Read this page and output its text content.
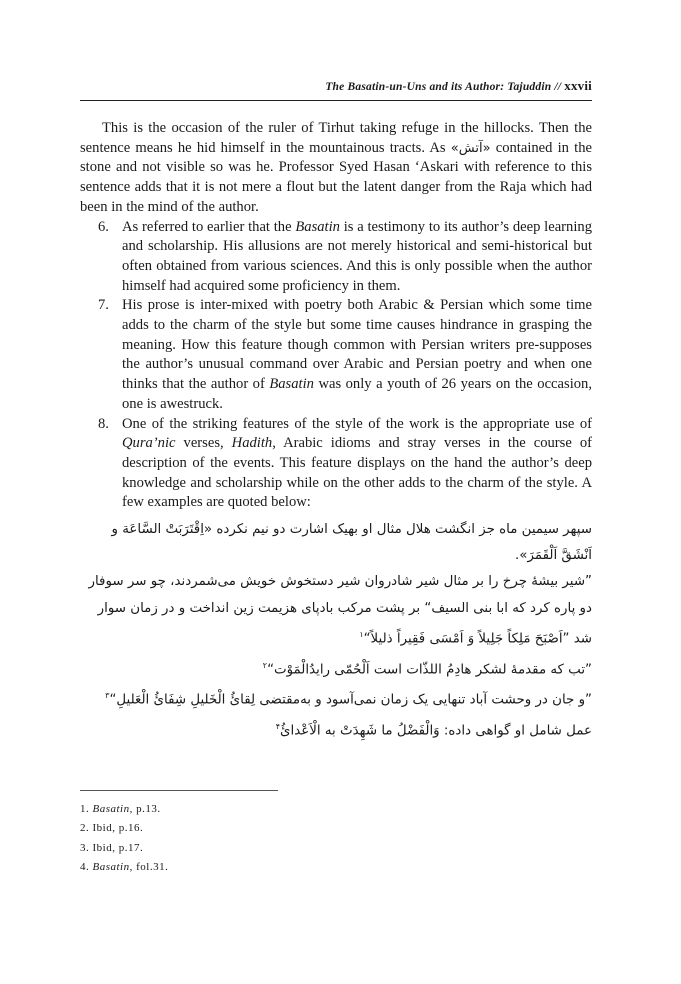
The Basatin-un-Uns and its Author: Tajuddin // xxvii

This is the occasion of the ruler of Tirhut taking refuge in the hillocks. Then the sentence means he hid himself in the mountainous tracts. As «آتش» contained in the stone and not visible so was he. Professor Syed Hasan ‘Askari with reference to this sentence adds that it is not mere a flout but the latent danger from the Raja which had been in the mind of the author.

6. As referred to earlier that the Basatin is a testimony to its author’s deep learning and scholarship. His allusions are not merely historical and semi-historical but often obtained from various sciences. And this is only possible when the author himself had acquired some proficiency in them.
7. His prose is inter-mixed with poetry both Arabic & Persian which some time adds to the charm of the style but some time causes hindrance in grasping the meaning. How this feature though common with Persian writers pre-supposes the author’s unusual command over Arabic and Persian poetry and when one thinks that the author of Basatin was only a youth of 26 years on the occasion, one is awestruck.
8. One of the striking features of the style of the work is the appropriate use of Qura’nic verses, Hadith, Arabic idioms and stray verses in the course of description of the events. This feature displays on the hand the author’s deep knowledge and scholarship while on the other adds to the charm of the style. A few examples are quoted below:

سپهر سیمین ماه جز انگشت هلال مثال او بهیک اشارت دو نیم نکرده «اِقْتَرَبَتْ السَّاعَة و اَنْشَقَّ اَلْقَمَرَ».

”شیر بیشهٔ چرخ را بر مثال شیر شادروان شیر دستخوش خویش می‌شمردند، چو سر سوفار دو پاره کرد که ابا بنی السیف“ بر پشت مرکب بادپای هزیمت زین انداخت و در زمان سوار شد ”اَصْبَحَ مَلِکاً جَلِیلاً وَ اَمْسَی فَقِیراً ذلیلاً“$^۱$

”تب که مقدمهٔ لشکر هادِمُ اللذّات است اَلْحُمّی رایدُالْمَوْت“$^۲$

”و جان در وحشت آباد تنهایی یک زمان نمی‌آسود و به‌مقتضی لِقائُ الْخَلیلِ شِفَائُ الْعَلیلِ“$^۳$

عمل شامل او گواهی داده: وَالْفَضْلُ ما شَهِدَتْ به الْاَعْدائُ$^۴$

1. Basatin, p.13.
2. Ibid, p.16.
3. Ibid, p.17.
4. Basatin, fol.31.
